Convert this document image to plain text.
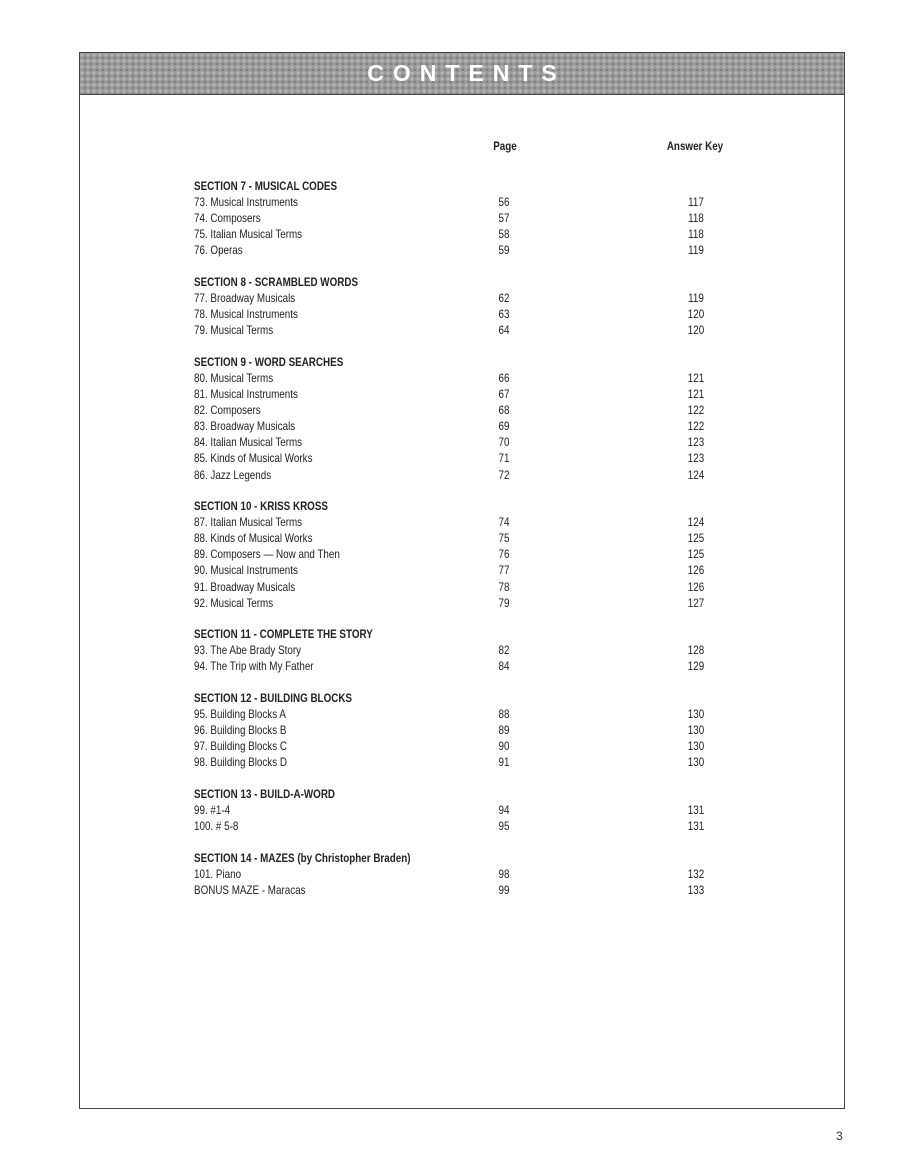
CONTENTS
Page	Answer Key
SECTION 7 - MUSICAL CODES
73. Musical Instruments	56	117
74. Composers	57	118
75. Italian Musical Terms	58	118
76. Operas	59	119
SECTION 8 - SCRAMBLED WORDS
77. Broadway Musicals	62	119
78. Musical Instruments	63	120
79. Musical Terms	64	120
SECTION 9 - WORD SEARCHES
80. Musical Terms	66	121
81. Musical Instruments	67	121
82. Composers	68	122
83. Broadway Musicals	69	122
84. Italian Musical Terms	70	123
85. Kinds of Musical Works	71	123
86. Jazz Legends	72	124
SECTION 10 - KRISS KROSS
87. Italian Musical Terms	74	124
88. Kinds of Musical Works	75	125
89. Composers — Now and Then	76	125
90. Musical Instruments	77	126
91. Broadway Musicals	78	126
92. Musical Terms	79	127
SECTION 11 - COMPLETE THE STORY
93. The Abe Brady Story	82	128
94. The Trip with My Father	84	129
SECTION 12 - BUILDING BLOCKS
95. Building Blocks A	88	130
96. Building Blocks B	89	130
97. Building Blocks C	90	130
98. Building Blocks D	91	130
SECTION 13 - BUILD-A-WORD
99. #1-4	94	131
100. # 5-8	95	131
SECTION 14 - MAZES (by Christopher Braden)
101. Piano	98	132
BONUS MAZE - Maracas	99	133
3
